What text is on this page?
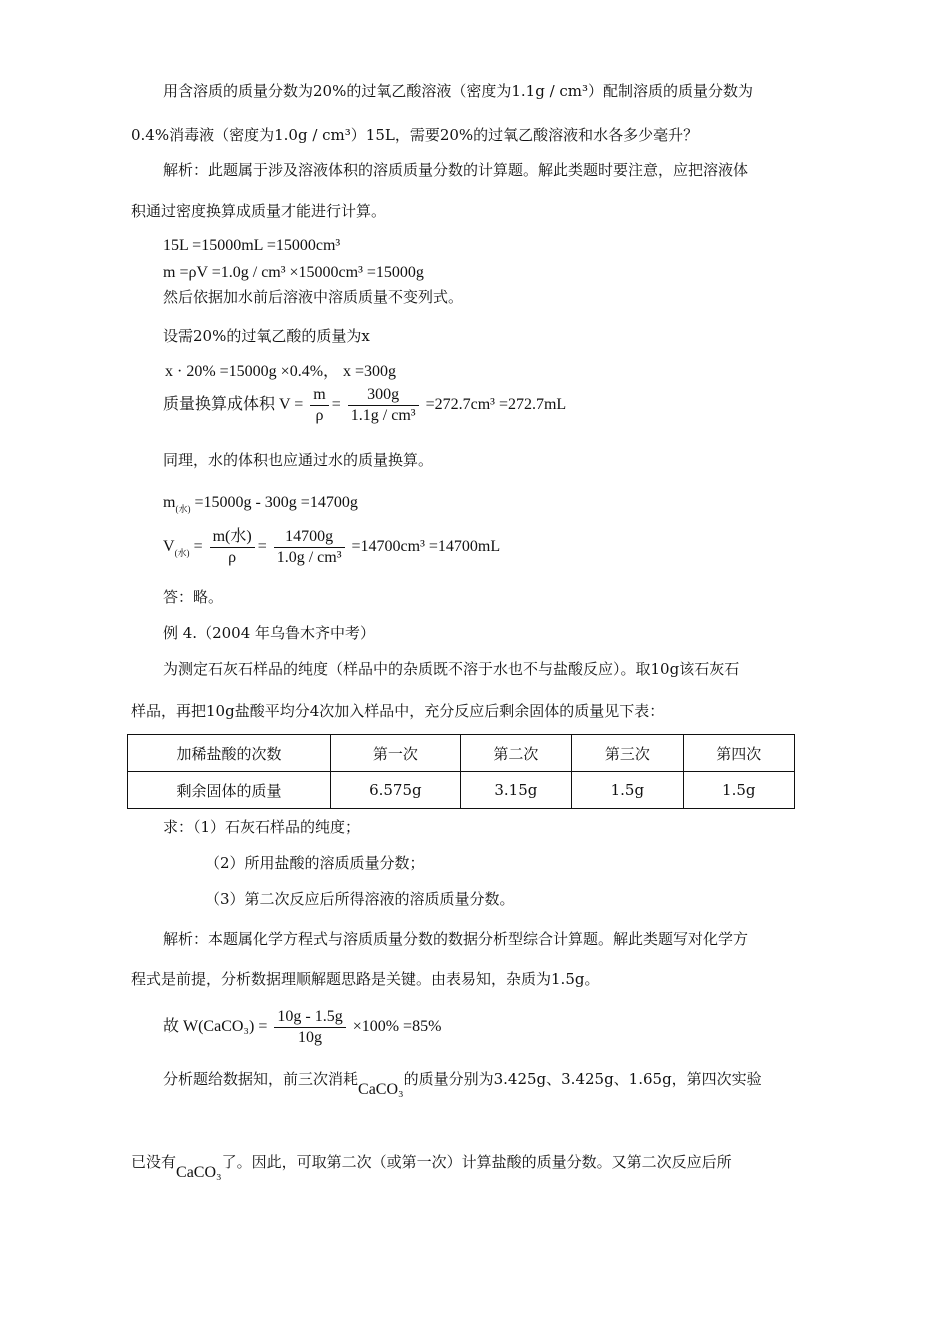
用含溶质的质量分数为20%的过氧乙酸溶液（密度为1.1g / cm³）配制溶质的质量分数为
0.4%消毒液（密度为1.0g / cm³）15L，需要20%的过氧乙酸溶液和水各多少毫升？
解析：此题属于涉及溶液体积的溶质质量分数的计算题。解此类题时要注意，应把溶液体
积通过密度换算成质量才能进行计算。
15L =15000mL =15000cm³
m =ρV =1.0g / cm³ ×15000cm³ =15000g
然后依据加水前后溶液中溶质质量不变列式。
设需20%的过氧乙酸的质量为x
x · 20% =15000g ×0.4%， x =300g
质量换算成体积 $V = \frac{m}{\rho} = \frac{300g}{\text{1.1g / cm³}} =272.7cm^3 =272.7mL$
同理，水的体积也应通过水的质量换算。
$m_{(水)} =15000g - 300g =14700g$
$V_{(水)} = \frac{\text{m(水)}}{\rho} = \frac{14700g}{\text{1.0g / cm³}} =14700cm^3 =14700mL$
答：略。
例 4.（2004 年乌鲁木齐中考）
为测定石灰石样品的纯度（样品中的杂质既不溶于水也不与盐酸反应）。取10g该石灰石
样品，再把10g盐酸平均分4次加入样品中，充分反应后剩余固体的质量见下表：
加稀盐酸的次数	第一次	第二次	第三次	第四次
剩余固体的质量	6.575g	3.15g	1.5g	1.5g
求：（1）石灰石样品的纯度；
（2）所用盐酸的溶质质量分数；
（3）第二次反应后所得溶液的溶质质量分数。
解析：本题属化学方程式与溶质质量分数的数据分析型综合计算题。解此类题写对化学方
程式是前提，分析数据理顺解题思路是关键。由表易知，杂质为1.5g。
故 W(CaCO₃) = $\frac{10g - 1.5g}{10g} \times 100\% =85\%$
分析题给数据知，前三次消耗CaCO₃的质量分别为3.425g、3.425g、1.65g，第四次实验
已没有CaCO₃了。因此，可取第二次（或第一次）计算盐酸的质量分数。又第二次反应后所
